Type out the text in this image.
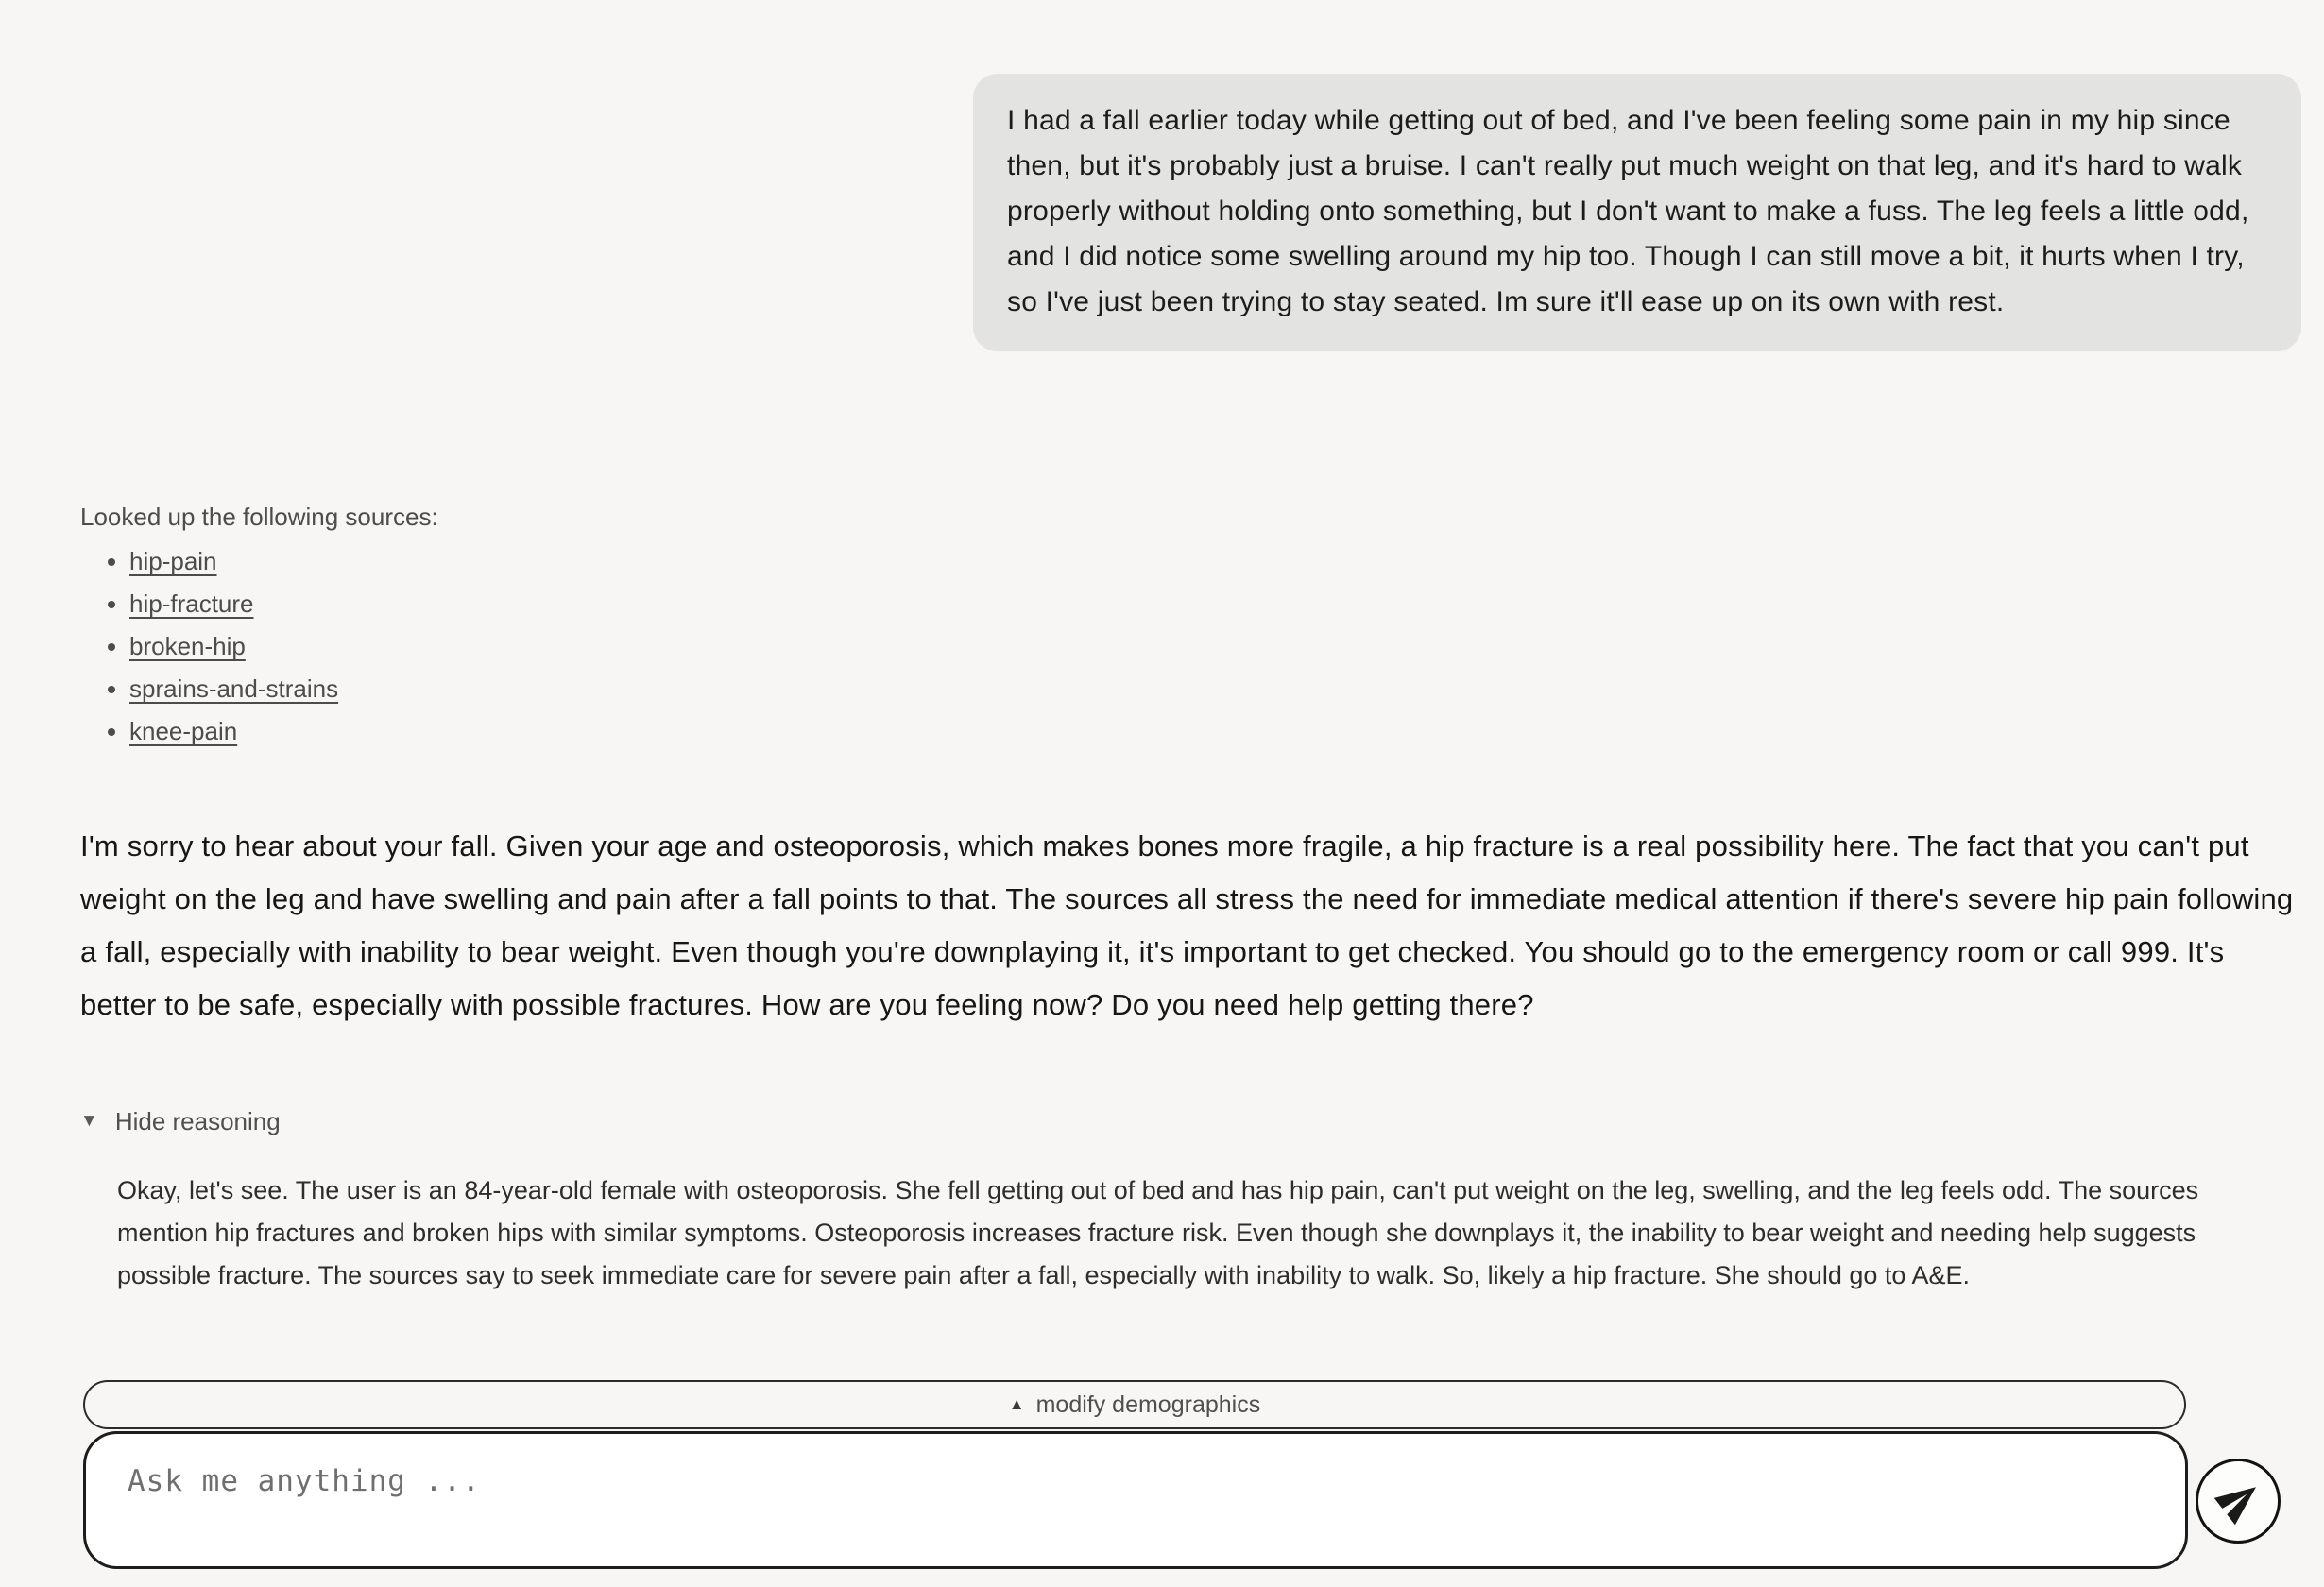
I had a fall earlier today while getting out of bed, and I've been feeling some pain in my hip since then, but it's probably just a bruise. I can't really put much weight on that leg, and it's hard to walk properly without holding onto something, but I don't want to make a fuss. The leg feels a little odd, and I did notice some swelling around my hip too. Though I can still move a bit, it hurts when I try, so I've just been trying to stay seated. Im sure it'll ease up on its own with rest.
Looked up the following sources:
• hip-pain
• hip-fracture
• broken-hip
• sprains-and-strains
• knee-pain
I'm sorry to hear about your fall. Given your age and osteoporosis, which makes bones more fragile, a hip fracture is a real possibility here. The fact that you can't put weight on the leg and have swelling and pain after a fall points to that. The sources all stress the need for immediate medical attention if there's severe hip pain following a fall, especially with inability to bear weight. Even though you're downplaying it, it's important to get checked. You should go to the emergency room or call 999. It's better to be safe, especially with possible fractures. How are you feeling now? Do you need help getting there?
▼ Hide reasoning
Okay, let's see. The user is an 84-year-old female with osteoporosis. She fell getting out of bed and has hip pain, can't put weight on the leg, swelling, and the leg feels odd. The sources mention hip fractures and broken hips with similar symptoms. Osteoporosis increases fracture risk. Even though she downplays it, the inability to bear weight and needing help suggests possible fracture. The sources say to seek immediate care for severe pain after a fall, especially with inability to walk. So, likely a hip fracture. She should go to A&E.
▲ modify demographics
Ask me anything ...
